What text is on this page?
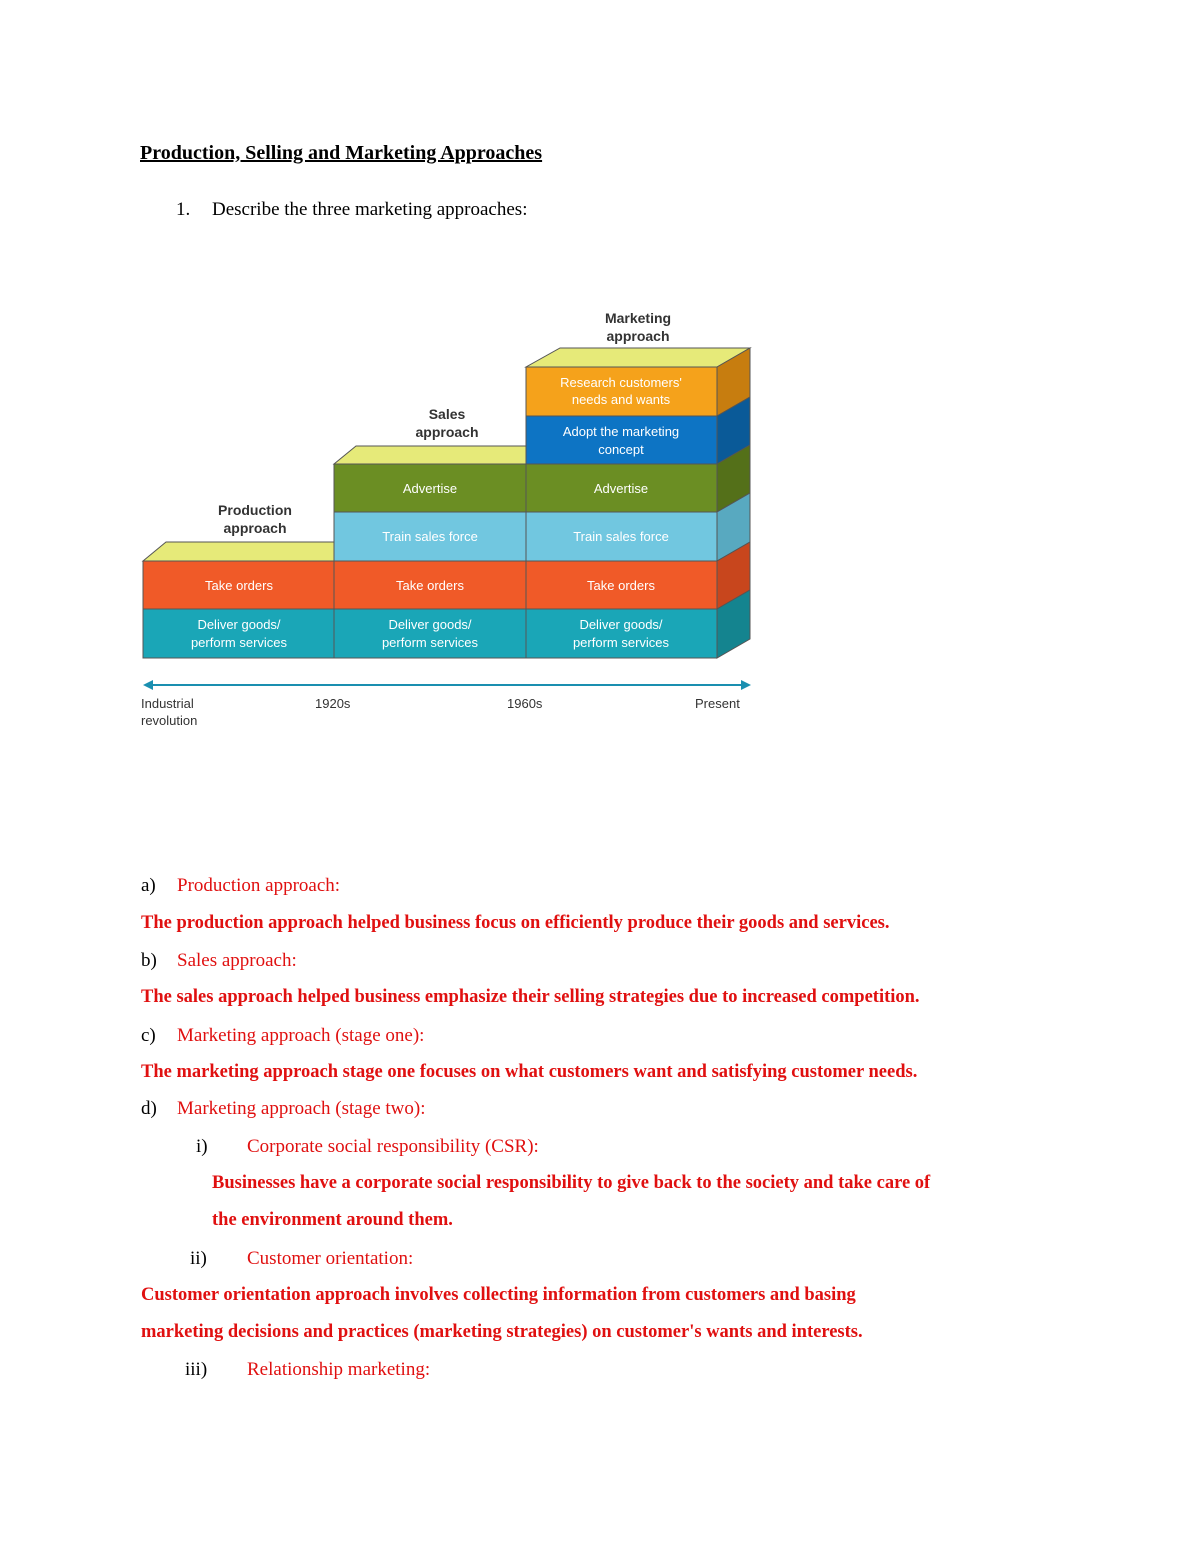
Production, Selling and Marketing Approaches
1. Describe the three marketing approaches:
Research customers'
needs and wants
Adopt the marketing
concept
Advertise	Advertise
Train sales force	Train sales force
Take orders	Take orders	Take orders
Deliver goods/
perform services
Deliver goods/
perform services
Deliver goods/
perform services
Production
approach
Sales
approach
Marketing
approach
Industrial
revolution
1920s	1960s	Present
a) Production approach:
The production approach helped business focus on efficiently produce their goods and services.
b) Sales approach:
The sales approach helped business emphasize their selling strategies due to increased competition.
c) Marketing approach (stage one):
The marketing approach stage one focuses on what customers want and satisfying customer needs.
d) Marketing approach (stage two):
i) Corporate social responsibility (CSR):
Businesses have a corporate social responsibility to give back to the society and take care of
the environment around them.
ii) Customer orientation:
Customer orientation approach involves collecting information from customers and basing
marketing decisions and practices (marketing strategies) on customer's wants and interests.
iii) Relationship marketing:
